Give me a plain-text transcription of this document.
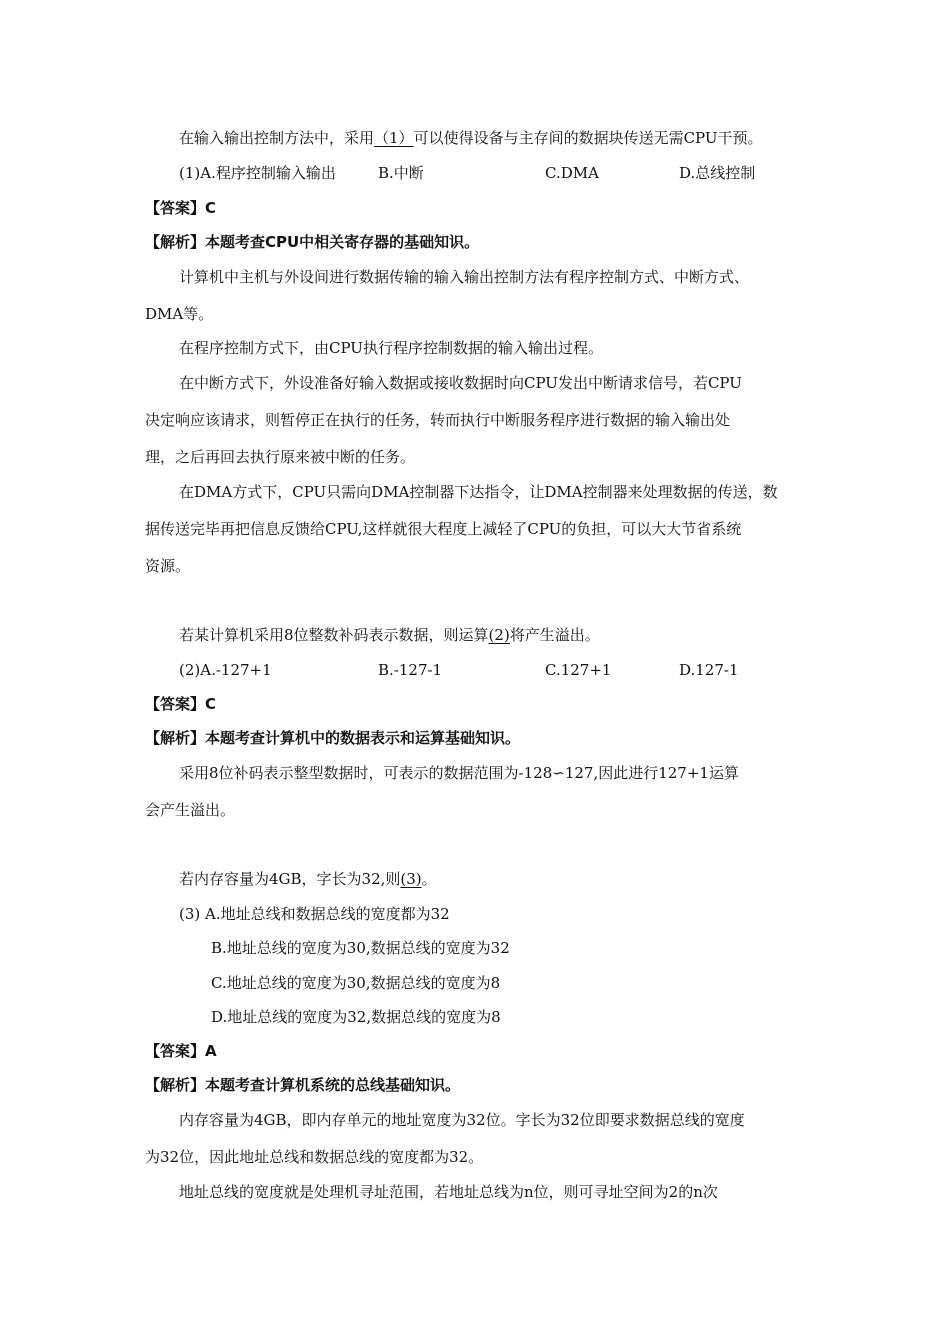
在输入输出控制方法中，采用（1）可以使得设备与主存间的数据块传送无需CPU干预。
(1)A.程序控制输入输出	B.中断	C.DMA	D.总线控制
【答案】C
【解析】本题考查CPU中相关寄存器的基础知识。
计算机中主机与外设间进行数据传输的输入输出控制方法有程序控制方式、中断方式、
DMA等。
在程序控制方式下，由CPU执行程序控制数据的输入输出过程。
在中断方式下，外设准备好输入数据或接收数据时向CPU发出中断请求信号，若CPU
决定响应该请求，则暂停正在执行的任务，转而执行中断服务程序进行数据的输入输出处
理，之后再回去执行原来被中断的任务。
在DMA方式下，CPU只需向DMA控制器下达指令，让DMA控制器来处理数据的传送，数
据传送完毕再把信息反馈给CPU,这样就很大程度上减轻了CPU的负担，可以大大节省系统
资源。
若某计算机采用8位整数补码表示数据，则运算(2)将产生溢出。
(2)A.-127+1	B.-127-1	C.127+1	D.127-1
【答案】C
【解析】本题考查计算机中的数据表示和运算基础知识。
采用8位补码表示整型数据时，可表示的数据范围为-128∽127,因此进行127+1运算
会产生溢出。
若内存容量为4GB，字长为32,则(3)。
(3) A.地址总线和数据总线的宽度都为32
B.地址总线的宽度为30,数据总线的宽度为32
C.地址总线的宽度为30,数据总线的宽度为8
D.地址总线的宽度为32,数据总线的宽度为8
【答案】A
【解析】本题考查计算机系统的总线基础知识。
内存容量为4GB，即内存单元的地址宽度为32位。字长为32位即要求数据总线的宽度
为32位，因此地址总线和数据总线的宽度都为32。
地址总线的宽度就是处理机寻址范围，若地址总线为n位，则可寻址空间为2的n次
